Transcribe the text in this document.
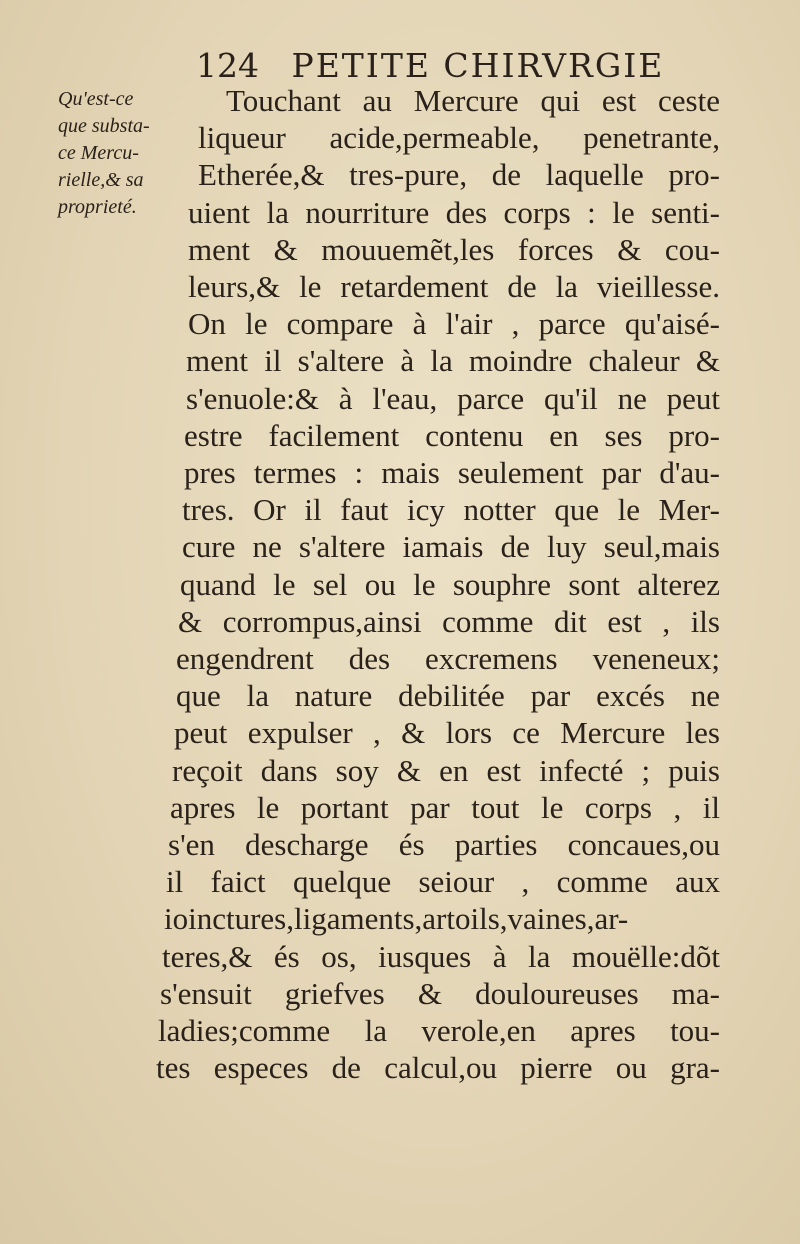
124 PETITE CHIRVRGIE
Qu'est-ce
que substa-
ce Mercu-
rielle,& sa
proprieté.
Touchant au Mercure qui est ceste
liqueur acide,permeable, penetrante,
Etherée,& tres-pure, de laquelle pro-
uient la nourriture des corps : le senti-
ment & mouuemẽt,les forces & cou-
leurs,& le retardement de la vieillesse.
On le compare à l'air , parce qu'aisé-
ment il s'altere à la moindre chaleur &
s'enuole:& à l'eau, parce qu'il ne peut
estre facilement contenu en ses pro-
pres termes : mais seulement par d'au-
tres. Or il faut icy notter que le Mer-
cure ne s'altere iamais de luy seul,mais
quand le sel ou le souphre sont alterez
& corrompus,ainsi comme dit est , ils
engendrent des excremens veneneux;
que la nature debilitée par excés ne
peut expulser , & lors ce Mercure les
reçoit dans soy & en est infecté ; puis
apres le portant par tout le corps , il
s'en descharge és parties concaues,ou
il faict quelque seiour , comme aux
ioinctures,ligaments,artoils,vaines,ar-
teres,& és os, iusques à la mouëlle:dõt
s'ensuit griefves & douloureuses ma-
ladies;comme la verole,en apres tou-
tes especes de calcul,ou pierre ou gra-
